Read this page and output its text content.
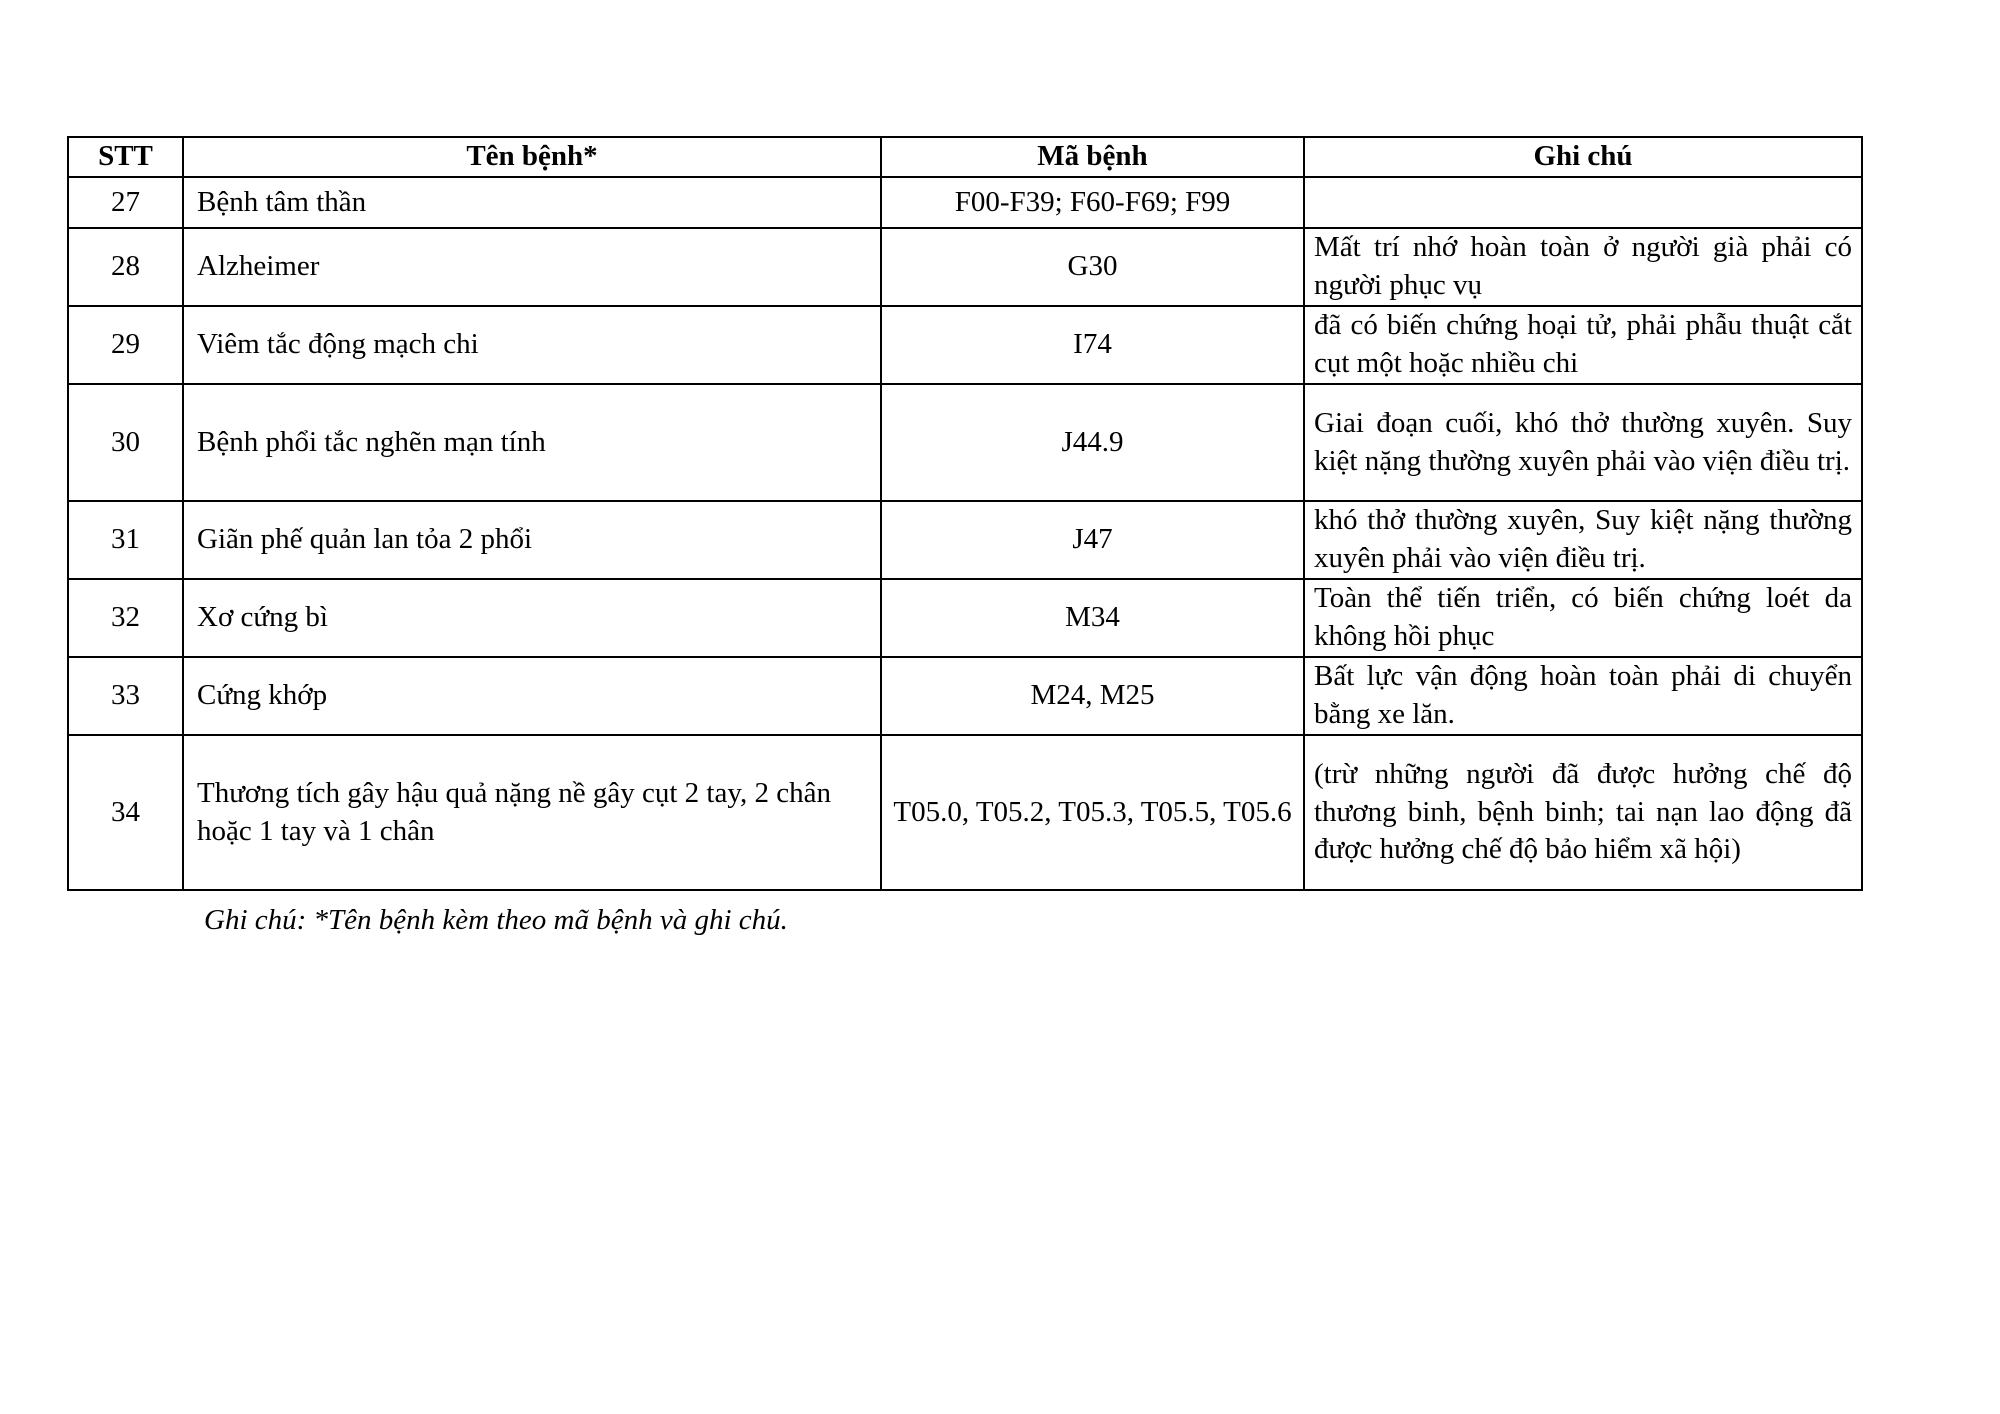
STT	Tên bệnh*	Mã bệnh	Ghi chú
27	Bệnh tâm thần	F00-F39; F60-F69; F99	
28	Alzheimer	G30	Mất trí nhớ hoàn toàn ở người già phải có người phục vụ
29	Viêm tắc động mạch chi	I74	đã có biến chứng hoại tử, phải phẫu thuật cắt cụt một hoặc nhiều chi
30	Bệnh phổi tắc nghẽn mạn tính	J44.9	Giai đoạn cuối, khó thở thường xuyên. Suy kiệt nặng thường xuyên phải vào viện điều trị.
31	Giãn phế quản lan tỏa 2 phổi	J47	khó thở thường xuyên, Suy kiệt nặng thường xuyên phải vào viện điều trị.
32	Xơ cứng bì	M34	Toàn thể tiến triển, có biến chứng loét da không hồi phục
33	Cứng khớp	M24, M25	Bất lực vận động hoàn toàn phải di chuyển bằng xe lăn.
34	Thương tích gây hậu quả nặng nề gây cụt 2 tay, 2 chân hoặc 1 tay và 1 chân	T05.0, T05.2, T05.3, T05.5, T05.6	(trừ những người đã được hưởng chế độ thương binh, bệnh binh; tai nạn lao động đã được hưởng chế độ bảo hiểm xã hội)
Ghi chú: *Tên bệnh kèm theo mã bệnh và ghi chú.
